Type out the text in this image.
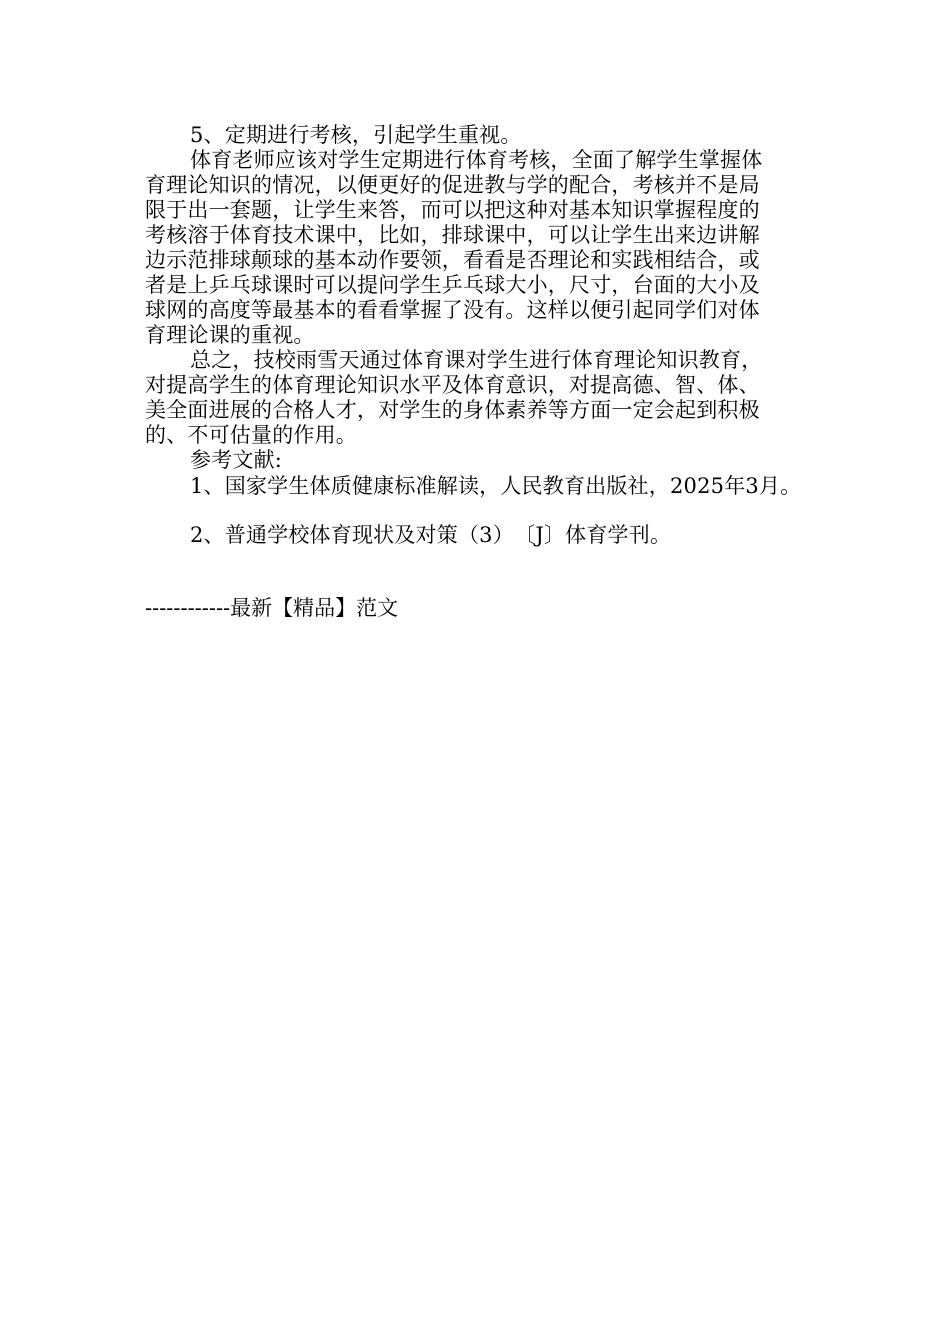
5、定期进行考核，引起学生重视。
体育老师应该对学生定期进行体育考核，全面了解学生掌握体
育理论知识的情况，以便更好的促进教与学的配合，考核并不是局
限于出一套题，让学生来答，而可以把这种对基本知识掌握程度的
考核溶于体育技术课中，比如，排球课中，可以让学生出来边讲解
边示范排球颠球的基本动作要领，看看是否理论和实践相结合，或
者是上乒乓球课时可以提问学生乒乓球大小，尺寸，台面的大小及
球网的高度等最基本的看看掌握了没有。这样以便引起同学们对体
育理论课的重视。
总之，技校雨雪天通过体育课对学生进行体育理论知识教育，
对提高学生的体育理论知识水平及体育意识，对提高德、智、体、
美全面进展的合格人才，对学生的身体素养等方面一定会起到积极
的、不可估量的作用。
参考文献:
1、国家学生体质健康标准解读，人民教育出版社，2025年3月。
2、普通学校体育现状及对策（3）　〔J〕体育学刊。
------------最新【精品】范文
